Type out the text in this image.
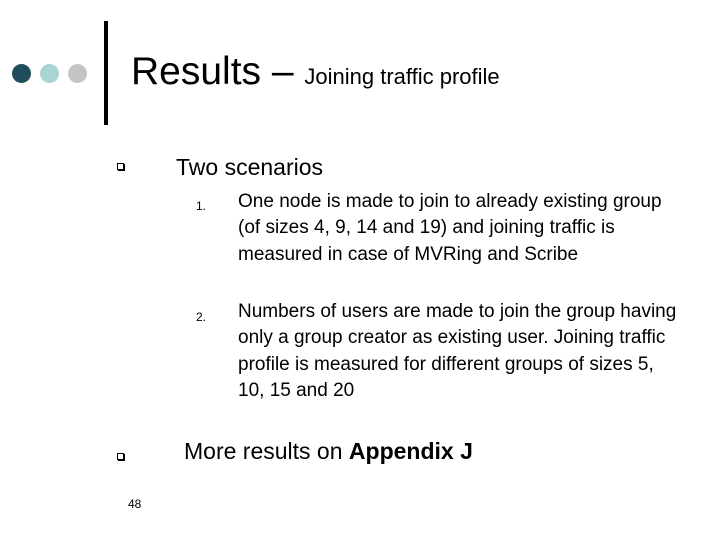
Results – Joining traffic profile
Two scenarios
1. One node is made to join to already existing group (of sizes 4, 9, 14 and 19) and joining traffic is measured in case of MVRing and Scribe
2. Numbers of users are made to join the group having only a group creator as existing user. Joining traffic profile is measured for different groups of sizes 5, 10, 15 and 20
More results on Appendix J
48
